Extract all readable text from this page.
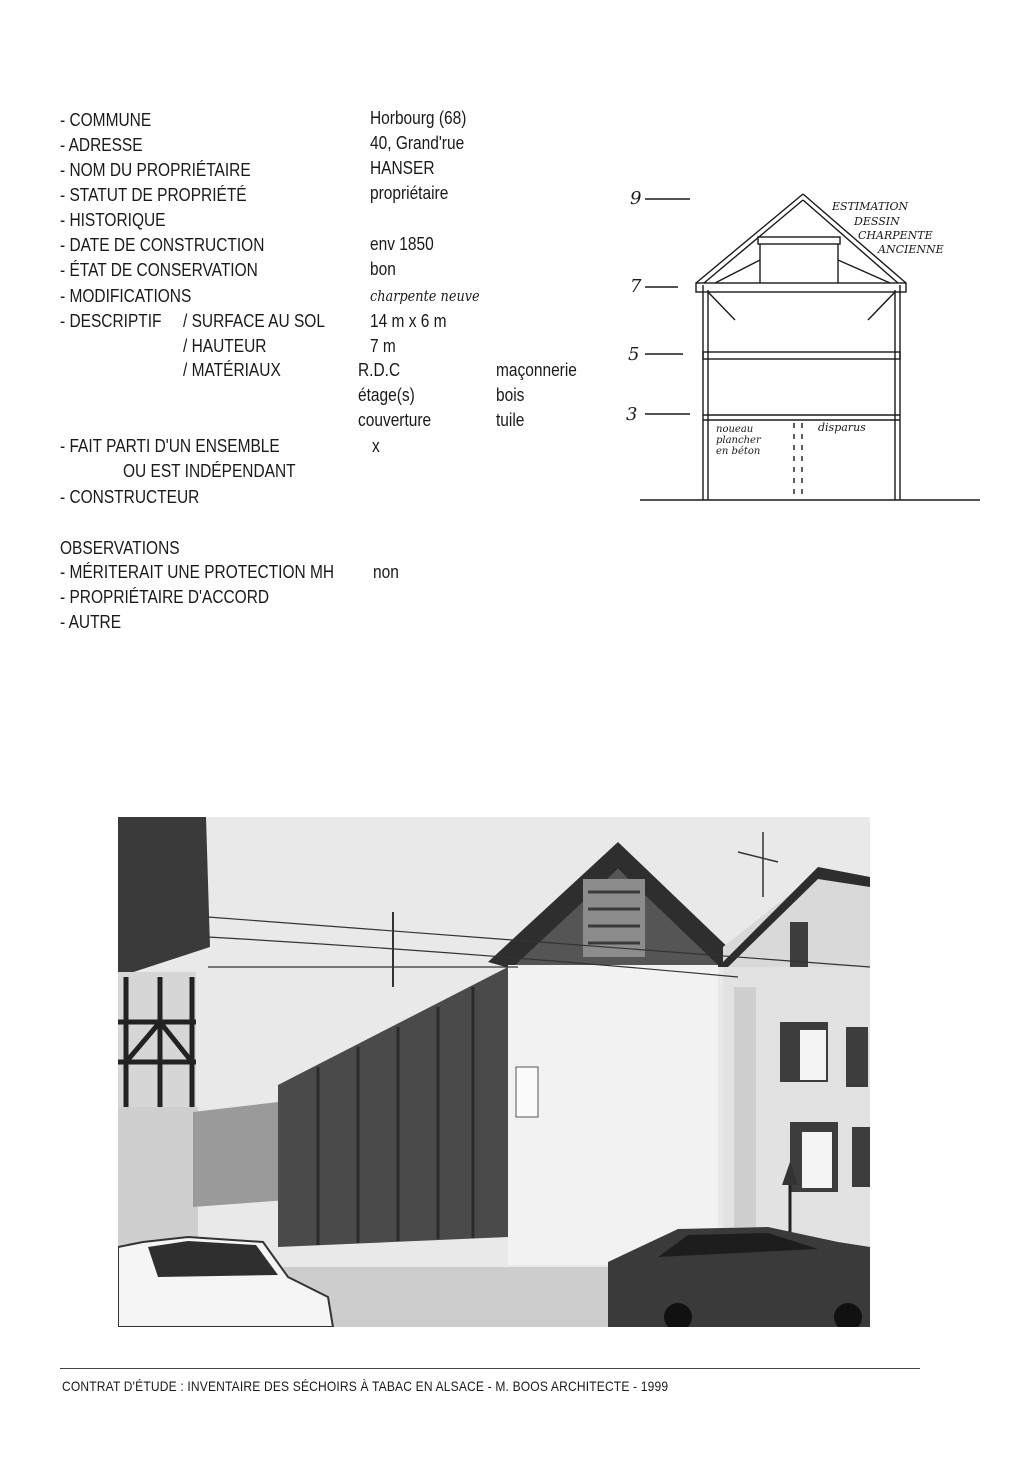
- COMMUNE	Horbourg (68)
- ADRESSE	40, Grand'rue
- NOM DU PROPRIÉTAIRE	HANSER
- STATUT DE PROPRIÉTÉ	propriétaire
- HISTORIQUE
- DATE DE CONSTRUCTION	env 1850
- ÉTAT DE CONSERVATION	bon
- MODIFICATIONS	charpente neuve
- DESCRIPTIF / SURFACE AU SOL	14 m x 6 m
/ HAUTEUR	7 m
/ MATÉRIAUX	R.D.C	maçonnerie
étage(s)	bois
couverture	tuile
- FAIT PARTI D'UN ENSEMBLE	x
OU EST INDÉPENDANT
- CONSTRUCTEUR
OBSERVATIONS
- MÉRITERAIT UNE PROTECTION MH non
- PROPRIÉTAIRE D'ACCORD
- AUTRE
9
7
5
3
ESTIMATION
DESSIN
CHARPENTE
ANCIENNE
noueau
plancher
en béton
disparus
CONTRAT D'ÉTUDE : INVENTAIRE DES SÉCHOIRS À TABAC EN ALSACE - M. BOOS ARCHITECTE - 1999
